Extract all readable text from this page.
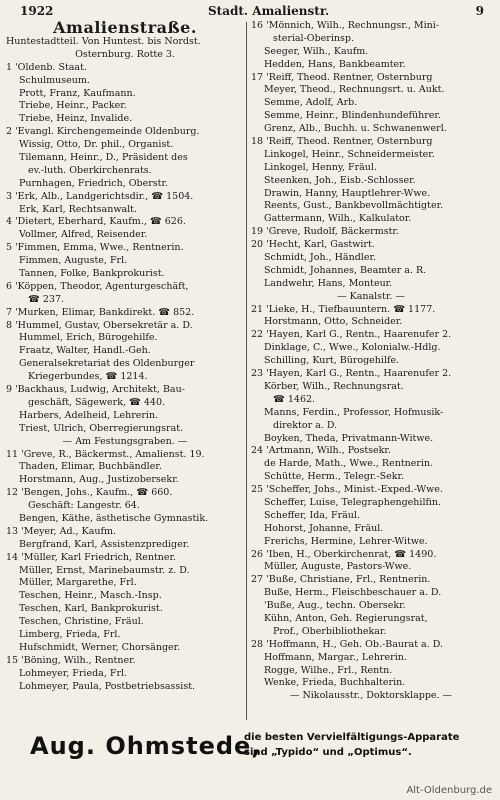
1922	Stadt. Amalienstr.	9
Amalienstraße.
Huntestadtteil. Von Huntest. bis Nordst.
Osternburg. Rotte 3.
1 'Oldenb. Staat.
Schulmuseum.
Prott, Franz, Kaufmann.
Triebe, Heinr., Packer.
Triebe, Heinz, Invalide.
2 'Evangl. Kirchengemeinde Oldenburg.
Wissig, Otto, Dr. phil., Organist.
Tilemann, Heinr., D., Präsident des
ev.-luth. Oberkirchenrats.
Purnhagen, Friedrich, Oberstr.
3 'Erk, Alb., Landgerichtsdir., ☎ 1504.
Erk, Karl, Rechtsanwalt.
4 'Dietert, Eberhard, Kaufm., ☎ 626.
Vollmer, Alfred, Reisender.
5 'Fimmen, Emma, Wwe., Rentnerin.
Fimmen, Auguste, Frl.
Tannen, Folke, Bankprokurist.
6 'Köppen, Theodor, Agenturgeschäft,
☎ 237.
7 'Murken, Elimar, Bankdirekt. ☎ 852.
8 'Hummel, Gustav, Obersekretär a. D.
Hummel, Erich, Bürogehilfe.
Fraatz, Walter, Handl.-Geh.
Generalsekretariat des Oldenburger
Kriegerbundes, ☎ 1214.
9 'Backhaus, Ludwig, Architekt, Bau-
geschäft, Sägewerk, ☎ 440.
Harbers, Adelheid, Lehrerin.
Triest, Ulrich, Oberregierungsrat.
— Am Festungsgraben. —
11 'Greve, R., Bäckermst., Amalienst. 19.
Thaden, Elimar, Buchbändler.
Horstmann, Aug., Justizobersekr.
12 'Bengen, Johs., Kaufm., ☎ 660.
Geschäft: Langestr. 64.
Bengen, Käthe, ästhetische Gymnastik.
13 'Meyer, Ad., Kaufm.
Bergfrand, Karl, Assistenzprediger.
14 'Müller, Karl Friedrich, Rentner.
Müller, Ernst, Marinebaumstr. z. D.
Müller, Margarethe, Frl.
Teschen, Heinr., Masch.-Insp.
Teschen, Karl, Bankprokurist.
Teschen, Christine, Fräul.
Limberg, Frieda, Frl.
Hufschmidt, Werner, Chorsänger.
15 'Böning, Wilh., Rentner.
Lohmeyer, Frieda, Frl.
Lohmeyer, Paula, Postbetriebsassist.
16 'Mönnich, Wilh., Rechnungsr., Mini-
sterial-Oberinsp.
Seeger, Wilh., Kaufm.
Hedden, Hans, Bankbeamter.
17 'Reiff, Theod. Rentner, Osternburg
Meyer, Theod., Rechnungsrt. u. Aukt.
Semme, Adolf, Arb.
Semme, Heinr., Blindenhundeführer.
Grenz, Alb., Buchh. u. Schwanenwerl.
18 'Reiff, Theod. Rentner, Osternburg
Linkogel, Heinr., Schneidermeister.
Linkogel, Henny, Fräul.
Steenken, Joh., Eisb.-Schlosser.
Drawin, Hanny, Hauptlehrer-Wwe.
Reents, Gust., Bankbevollmächtigter.
Gattermann, Wilh., Kalkulator.
19 'Greve, Rudolf, Bäckermstr.
20 'Hecht, Karl, Gastwirt.
Schmidt, Joh., Händler.
Schmidt, Johannes, Beamter a. R.
Landwehr, Hans, Monteur.
— Kanalstr. —
21 'Lieke, H., Tiefbauuntern. ☎ 1177.
Horstmann, Otto, Schneider.
22 'Hayen, Karl G., Rentn., Haarenufer 2.
Dinklage, C., Wwe., Kolonialw.-Hdlg.
Schilling, Kurt, Bürogehilfe.
23 'Hayen, Karl G., Rentn., Haarenufer 2.
Körber, Wilh., Rechnungsrat.
☎ 1462.
Manns, Ferdin., Professor, Hofmusik-
direktor a. D.
Boyken, Theda, Privatmann-Witwe.
24 'Artmann, Wilh., Postsekr.
de Harde, Math., Wwe., Rentnerin.
Schütte, Herm., Telegr.-Sekr.
25 'Scheffer, Johs., Minist.-Exped.-Wwe.
Scheffer, Luise, Telegraphengehilfin.
Scheffer, Ida, Fräul.
Hohorst, Johanne, Fräul.
Frerichs, Hermine, Lehrer-Witwe.
26 'Iben, H., Oberkirchenrat, ☎ 1490.
Müller, Auguste, Pastors-Wwe.
27 'Buße, Christiane, Frl., Rentnerin.
Buße, Herm., Fleischbeschauer a. D.
'Buße, Aug., techn. Obersekr.
Kühn, Anton, Geh. Regierungsrat,
Prof., Oberbibliothekar.
28 'Hoffmann, H., Geh. Ob.-Baurat a. D.
Hoffmann, Margar., Lehrerin.
Rogge, Wilhe., Frl., Rentn.
Wenke, Frieda, Buchhalterin.
— Nikolausstr., Doktorsklappe. —
Aug. Ohmstede,
die besten Vervielfältigungs-Apparate
sind „Typido“ und „Optimus“.
Alt-Oldenburg.de
